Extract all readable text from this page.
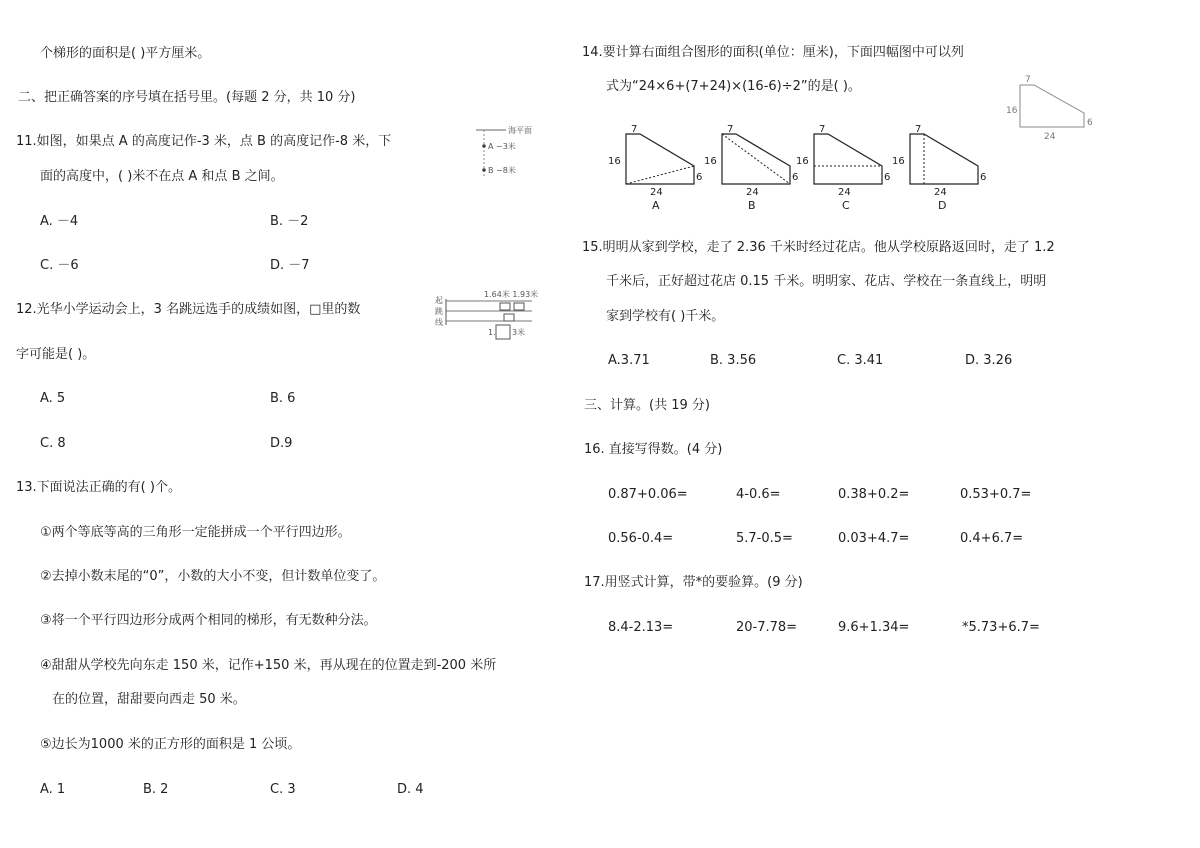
个梯形的面积是( )平方厘米。
二、把正确答案的序号填在括号里。(每题 2 分，共 10 分)
11.如图，如果点 A 的高度记作-3 米，点 B 的高度记作-8 米，下
面的高度中，( )米不在点 A 和点 B 之间。
海平面
A −3米
B −8米
A. －4	B. －2
C. －6	D. －7
12.光华小学运动会上，3 名跳远选手的成绩如图，□里的数
字可能是( )。
1.64米 1.93米
起
跳
线
1. 3米
A. 5	B. 6
C. 8	D.9
13.下面说法正确的有( )个。
①两个等底等高的三角形一定能拼成一个平行四边形。
②去掉小数末尾的“0”，小数的大小不变，但计数单位变了。
③将一个平行四边形分成两个相同的梯形，有无数种分法。
④甜甜从学校先向东走 150 米，记作+150 米，再从现在的位置走到-200 米所
在的位置，甜甜要向西走 50 米。
⑤边长为1000 米的正方形的面积是 1 公顷。
A. 1	B. 2	C. 3	D. 4
14.要计算右面组合图形的面积(单位：厘米)，下面四幅图中可以列
式为“24×6+(7+24)×(16-6)÷2”的是( )。	7
16
6
24
7
16
6
24
A
7
16
6
24
B
7
16
6
24
C
7
16
6
24
D
15.明明从家到学校，走了 2.36 千米时经过花店。他从学校原路返回时，走了 1.2
千米后，正好超过花店 0.15 千米。明明家、花店、学校在一条直线上，明明
家到学校有( )千米。
A.3.71	B. 3.56	C. 3.41	D. 3.26
三、计算。(共 19 分)
16. 直接写得数。(4 分)
0.87+0.06=	4-0.6=	0.38+0.2=	0.53+0.7=
0.56-0.4=	5.7-0.5=	0.03+4.7=	0.4+6.7=
17.用竖式计算，带*的要验算。(9 分)
8.4-2.13=	20-7.78=	9.6+1.34=	*5.73+6.7=
